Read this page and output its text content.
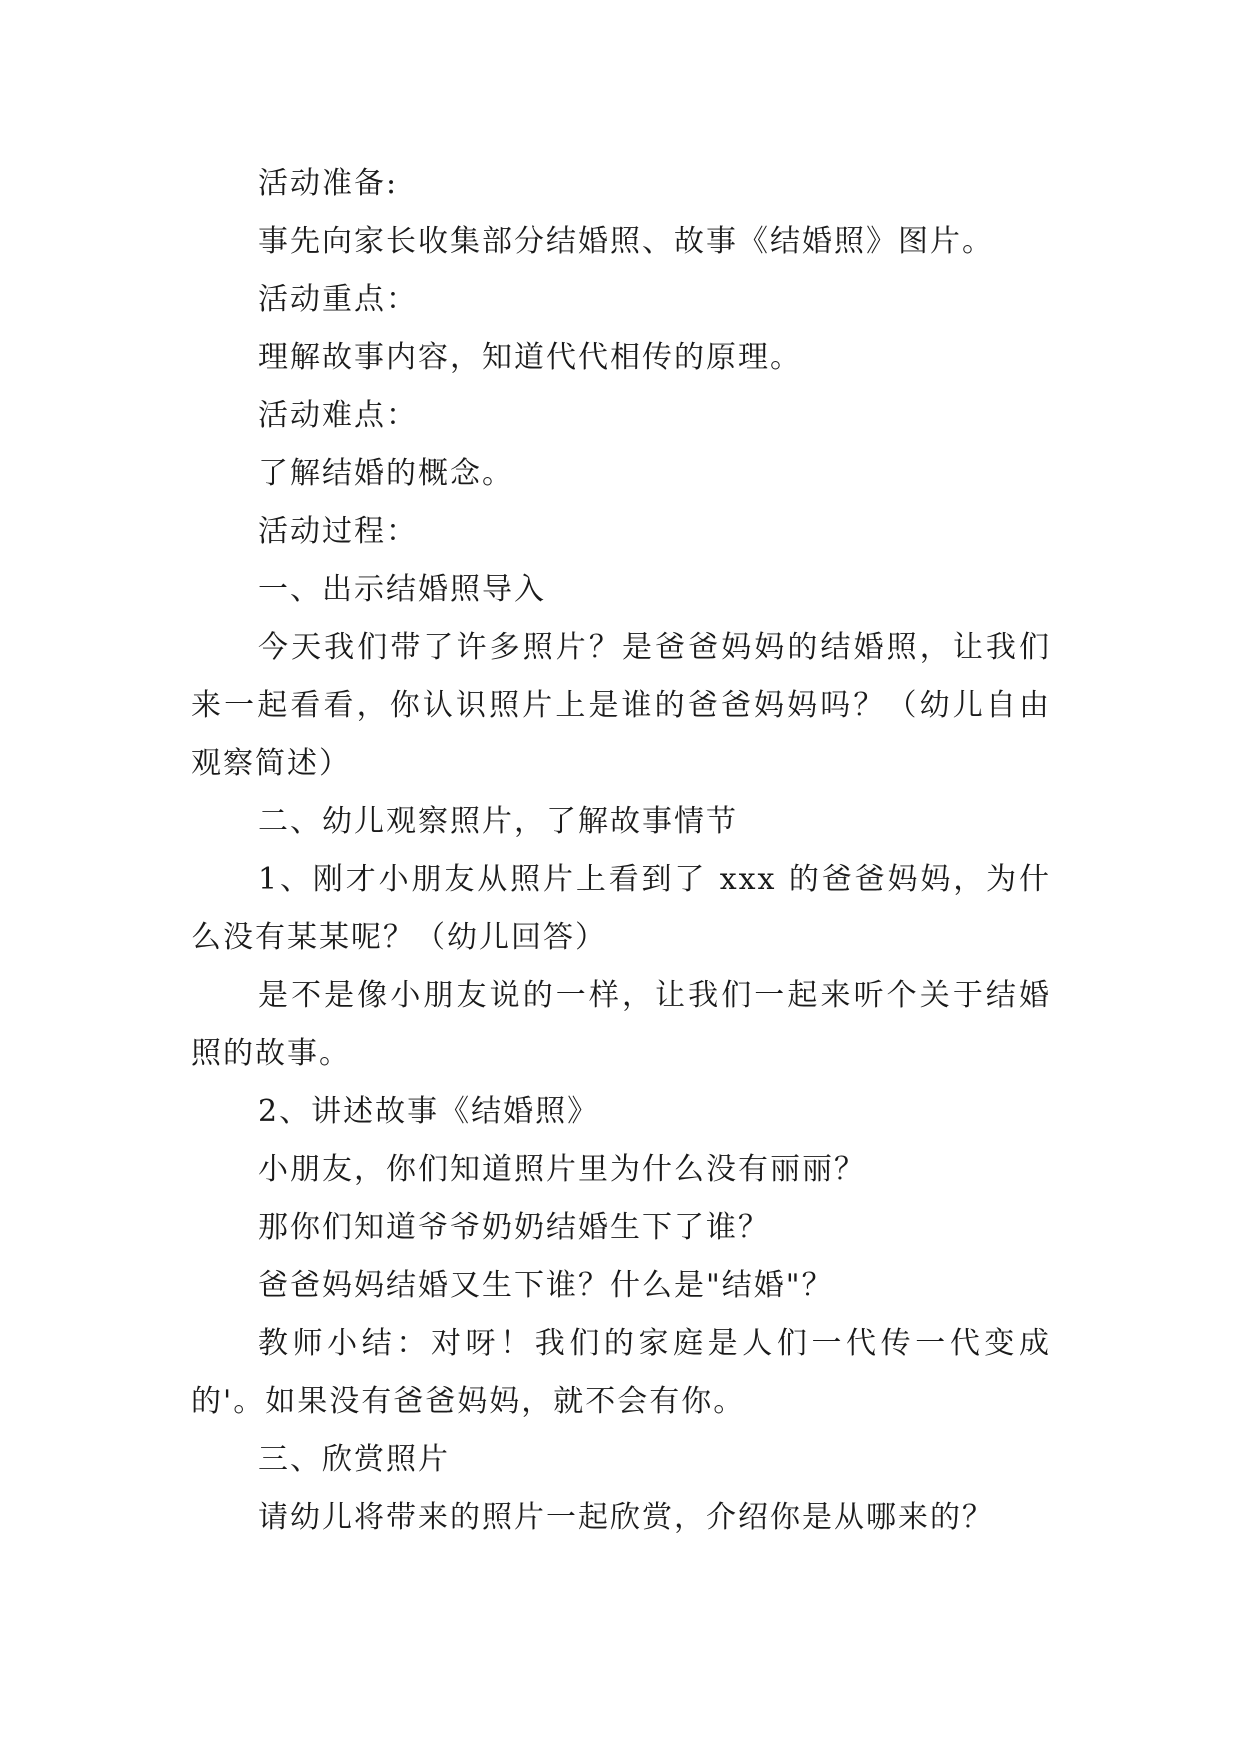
活动准备:

事先向家长收集部分结婚照、故事《结婚照》图片。

活动重点：

理解故事内容，知道代代相传的原理。

活动难点：

了解结婚的概念。

活动过程：

一、出示结婚照导入

今天我们带了许多照片？是爸爸妈妈的结婚照，让我们来一起看看，你认识照片上是谁的爸爸妈妈吗？（幼儿自由观察简述）

二、幼儿观察照片，了解故事情节

1、刚才小朋友从照片上看到了 xxx 的爸爸妈妈，为什么没有某某呢？（幼儿回答）

是不是像小朋友说的一样，让我们一起来听个关于结婚照的故事。

2、讲述故事《结婚照》

小朋友，你们知道照片里为什么没有丽丽？

那你们知道爷爷奶奶结婚生下了谁？

爸爸妈妈结婚又生下谁？什么是"结婚"？

教师小结：对呀！我们的家庭是人们一代传一代变成的'。如果没有爸爸妈妈，就不会有你。

三、欣赏照片

请幼儿将带来的照片一起欣赏，介绍你是从哪来的？
